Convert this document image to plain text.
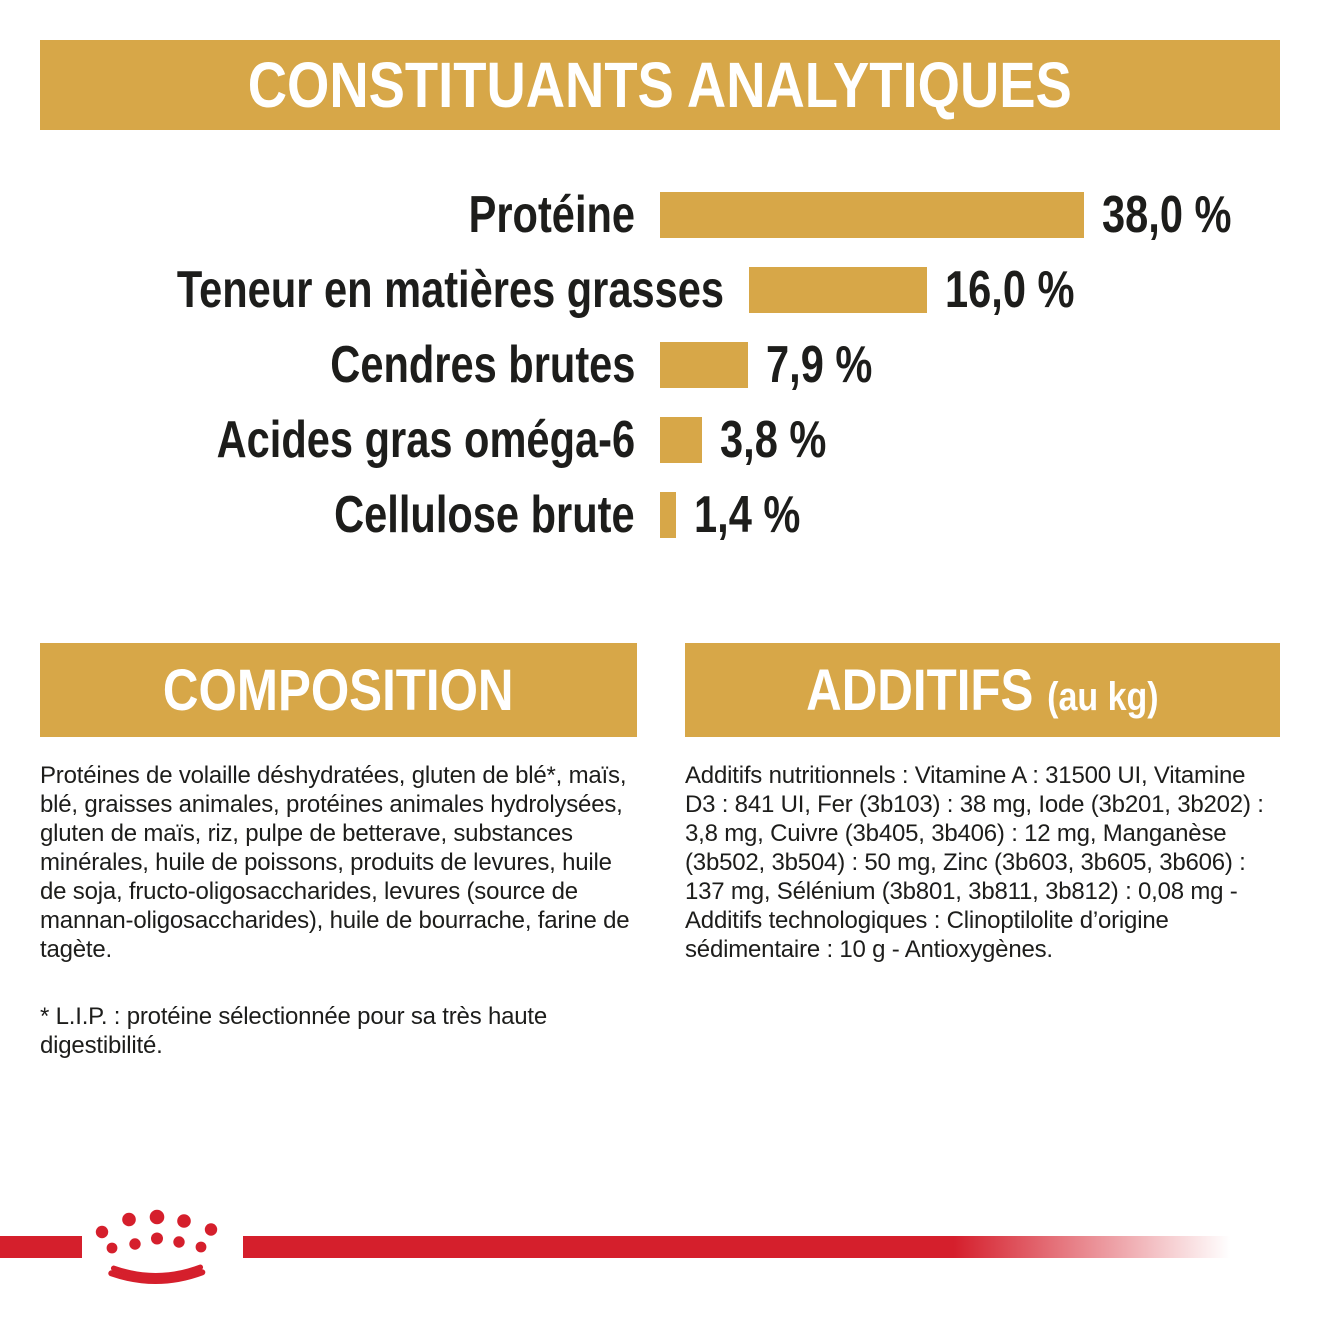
CONSTITUANTS ANALYTIQUES
Protéine	38,0 %
Teneur en matières grasses	16,0 %
Cendres brutes	7,9 %
Acides gras oméga-6	3,8 %
Cellulose brute	1,4 %
COMPOSITION

Protéines de volaille déshydratées, gluten de blé*, maïs, blé, graisses animales, protéines animales hydrolysées, gluten de maïs, riz, pulpe de betterave, substances minérales, huile de poissons, produits de levures, huile de soja, fructo-oligosaccharides, levures (source de mannan-oligosaccharides), huile de bourrache, farine de tagète.

* L.I.P. : protéine sélectionnée pour sa très haute digestibilité.

ADDITIFS (au kg)

Additifs nutritionnels : Vitamine A : 31500 UI, Vitamine D3 : 841 UI, Fer (3b103) : 38 mg, Iode (3b201, 3b202) : 3,8 mg, Cuivre (3b405, 3b406) : 12 mg, Manganèse (3b502, 3b504) : 50 mg, Zinc (3b603, 3b605, 3b606) : 137 mg, Sélénium (3b801, 3b811, 3b812) : 0,08 mg - Additifs technologiques : Clinoptilolite d’origine sédimentaire : 10 g - Antioxygènes.
